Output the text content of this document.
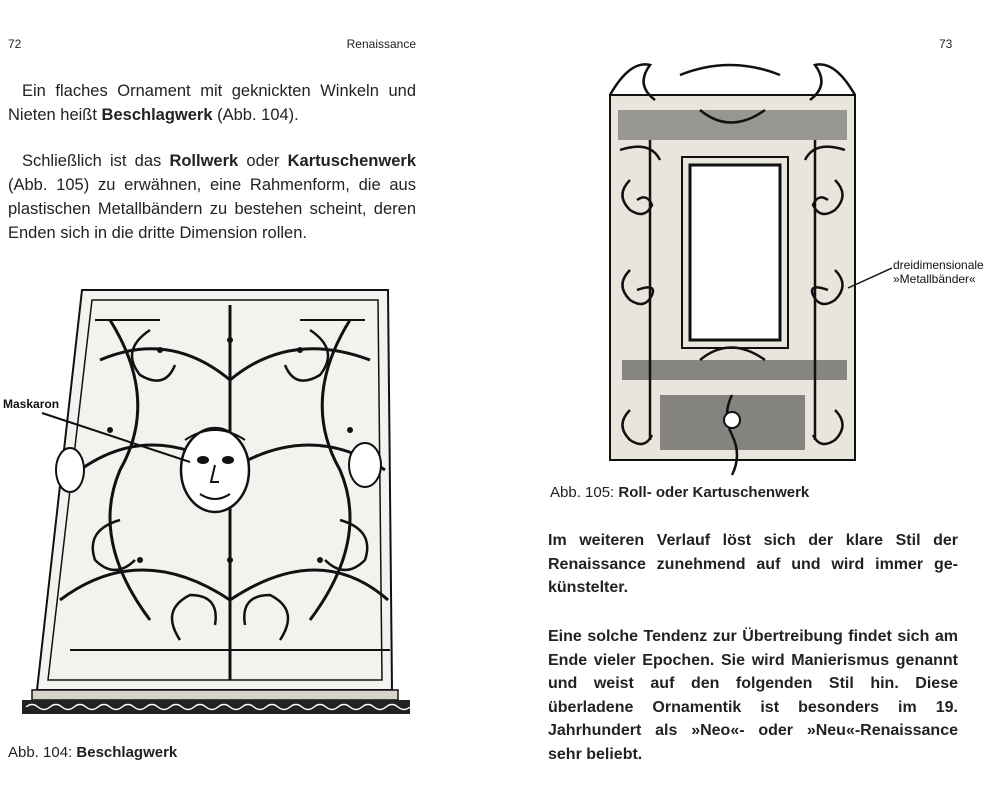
72	Renaissance

Ein flaches Ornament mit geknickten Winkeln und Nieten heißt Beschlagwerk (Abb. 104).

Schließlich ist das Rollwerk oder Kartuschenwerk (Abb. 105) zu erwähnen, eine Rahmenform, die aus plastischen Metallbändern zu bestehen scheint, deren Enden sich in die dritte Dimension rollen.

Maskaron
Abb. 104: Beschlagwerk
73
dreidimensionale
»Metallbänder«
Abb. 105: Roll- oder Kartuschenwerk

Im weiteren Verlauf löst sich der klare Stil der Renaissance zunehmend auf und wird immer gekünstelter.

Eine solche Tendenz zur Übertreibung findet sich am Ende vieler Epochen. Sie wird Manierismus genannt und weist auf den folgenden Stil hin. Diese überladene Ornamentik ist besonders im 19. Jahrhundert als »Neo«- oder »Neu«-Renaissance sehr beliebt.
